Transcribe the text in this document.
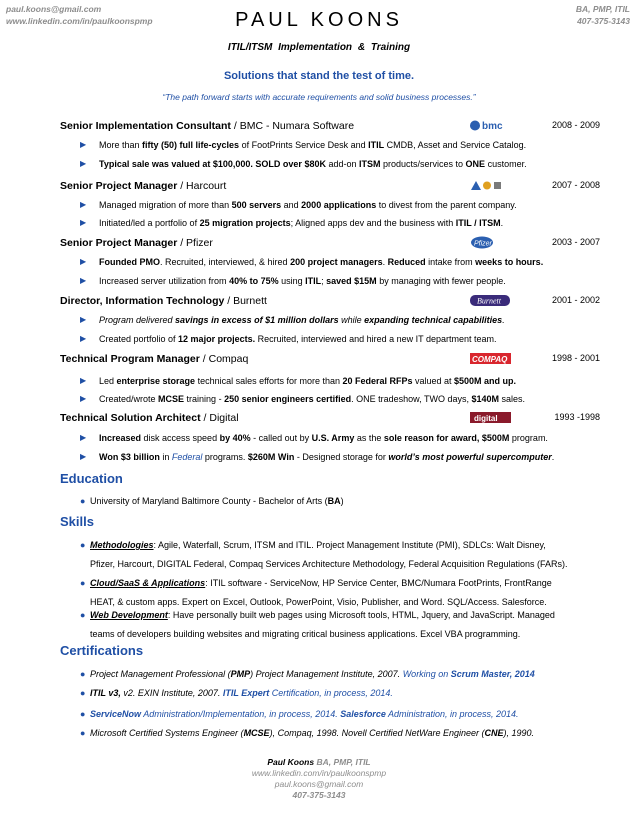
paul.koons@gmail.com
www.linkedin.com/in/paulkoonspmp	PAUL KOONS	BA, PMP, ITIL
407-375-3143
ITIL/ITSM Implementation & Training
Solutions that stand the test of time.
“The path forward starts with accurate requirements and solid business processes.”
Senior Implementation Consultant / BMC - Numara Software	bmc	2008 - 2009
▶ More than fifty (50) full life-cycles of FootPrints Service Desk and ITIL CMDB, Asset and Service Catalog.
▶ Typical sale was valued at $100,000. SOLD over $80K add-on ITSM products/services to ONE customer.
Senior Project Manager / Harcourt	2007 - 2008
▶ Managed migration of more than 500 servers and 2000 applications to divest from the parent company.
▶ Initiated/led a portfolio of 25 migration projects; Aligned apps dev and the business with ITIL / ITSM.
Senior Project Manager / Pfizer	Pfizer	2003 - 2007
▶ Founded PMO. Recruited, interviewed, & hired 200 project managers. Reduced intake from weeks to hours.
▶ Increased server utilization from 40% to 75% using ITIL; saved $15M by managing with fewer people.
Director, Information Technology / Burnett	Burnett	2001 - 2002
▶ Program delivered savings in excess of $1 million dollars while expanding technical capabilities.
▶ Created portfolio of 12 major projects. Recruited, interviewed and hired a new IT department team.
Technical Program Manager / Compaq	COMPAQ	1998 - 2001
▶ Led enterprise storage technical sales efforts for more than 20 Federal RFPs valued at $500M and up.
▶ Created/wrote MCSE training - 250 senior engineers certified. ONE tradeshow, TWO days, $140M sales.
Technical Solution Architect / Digital	digital	1993 -1998
▶ Increased disk access speed by 40% - called out by U.S. Army as the sole reason for award, $500M program.
▶ Won $3 billion in Federal programs. $260M Win - Designed storage for world’s most powerful supercomputer.
Education
● University of Maryland Baltimore County - Bachelor of Arts (BA)
Skills
● Methodologies: Agile, Waterfall, Scrum, ITSM and ITIL. Project Management Institute (PMI), SDLCs: Walt Disney,
Pfizer, Harcourt, DIGITAL Federal, Compaq Services Architecture Methodology, Federal Acquisition Regulations (FARs).
● Cloud/SaaS & Applications: ITIL software - ServiceNow, HP Service Center, BMC/Numara FootPrints, FrontRange
HEAT, & custom apps. Expert on Excel, Outlook, PowerPoint, Visio, Publisher, and Word. SQL/Access. Salesforce.
● Web Development: Have personally built web pages using Microsoft tools, HTML, Jquery, and JavaScript. Managed
teams of developers building websites and migrating critical business applications. Excel VBA programming.
Certifications
● Project Management Professional (PMP) Project Management Institute, 2007. Working on Scrum Master, 2014
● ITIL v3, v2. EXIN Institute, 2007. ITIL Expert Certification, in process, 2014.
● ServiceNow Administration/Implementation, in process, 2014. Salesforce Administration, in process, 2014.
● Microsoft Certified Systems Engineer (MCSE), Compaq, 1998. Novell Certified NetWare Engineer (CNE), 1990.
Paul Koons BA, PMP, ITIL
www.linkedin.com/in/paulkoonspmp
paul.koons@gmail.com
407-375-3143
